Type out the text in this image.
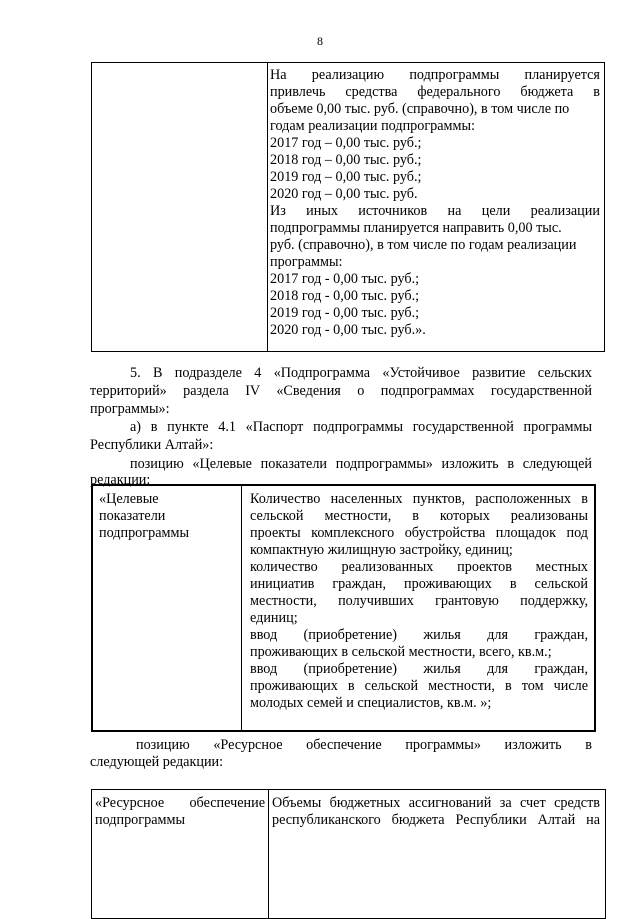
8
На реализацию подпрограммы планируется
привлечь средства федерального бюджета в
объеме 0,00 тыс. руб. (справочно), в том числе по
годам реализации подпрограммы:
2017 год – 0,00 тыс. руб.;
2018 год – 0,00 тыс. руб.;
2019 год – 0,00 тыс. руб.;
2020 год – 0,00 тыс. руб.
Из иных источников на цели реализации
подпрограммы планируется направить 0,00 тыс.
руб. (справочно), в том числе по годам реализации
программы:
2017 год - 0,00 тыс. руб.;
2018 год - 0,00 тыс. руб.;
2019 год - 0,00 тыс. руб.;
2020 год - 0,00 тыс. руб.».
5. В подразделе 4 «Подпрограмма «Устойчивое развитие сельских
территорий» раздела IV «Сведения о подпрограммах государственной
программы»:
а) в пункте 4.1 «Паспорт подпрограммы государственной программы
Республики Алтай»:
позицию «Целевые показатели подпрограммы» изложить в следующей
редакции:
«Целевые
показатели
подпрограммы
Количество населенных пунктов, расположенных в
сельской местности, в которых реализованы
проекты комплексного обустройства площадок под
компактную жилищную застройку, единиц;
количество реализованных проектов местных
инициатив граждан, проживающих в сельской
местности, получивших грантовую поддержку,
единиц;
ввод (приобретение) жилья для граждан,
проживающих в сельской местности, всего, кв.м.;
ввод (приобретение) жилья для граждан,
проживающих в сельской местности, в том числе
молодых семей и специалистов, кв.м. »;
позицию «Ресурсное обеспечение программы» изложить в
следующей редакции:
«Ресурсное обеспечение
подпрограммы
Объемы бюджетных ассигнований за счет средств
республиканского бюджета Республики Алтай на
